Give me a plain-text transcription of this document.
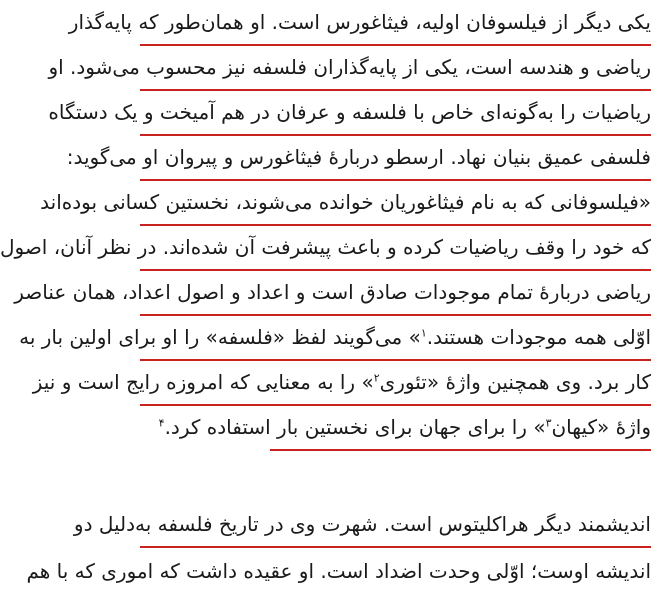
یکی دیگر از فیلسوفان اولیه، فیثاغورس است. او همان‌طور که پایه‌گذار
ریاضی و هندسه است، یکی از پایه‌گذاران فلسفه نیز محسوب می‌شود. او
ریاضیات را به‌گونه‌ای خاص با فلسفه و عرفان در هم آمیخت و یک دستگاه
فلسفی عمیق بنیان نهاد. ارسطو دربارهٔ فیثاغورس و پیروان او می‌گوید:
«فیلسوفانی که به نام فیثاغوریان خوانده می‌شوند، نخستین کسانی بوده‌اند
که خود را وقف ریاضیات کرده و باعث پیشرفت آن شده‌اند. در نظر آنان، اصول
ریاضی دربارهٔ تمام موجودات صادق است و اعداد و اصول اعداد، همان عناصر
اوّلی همه موجودات هستند.$^۱$» می‌گویند لفظ «فلسفه» را او برای اولین بار به
کار برد. وی همچنین واژهٔ «تئوری$^۲$» را به معنایی که امروزه رایج است و نیز
واژهٔ «کیهان$^۳$» را برای جهان برای نخستین بار استفاده کرد.$^۴$
اندیشمند دیگر هراکلیتوس است. شهرت وی در تاریخ فلسفه به‌دلیل دو
اندیشه اوست؛ اوّلی وحدت اضداد است. او عقیده داشت که اموری که با هم
